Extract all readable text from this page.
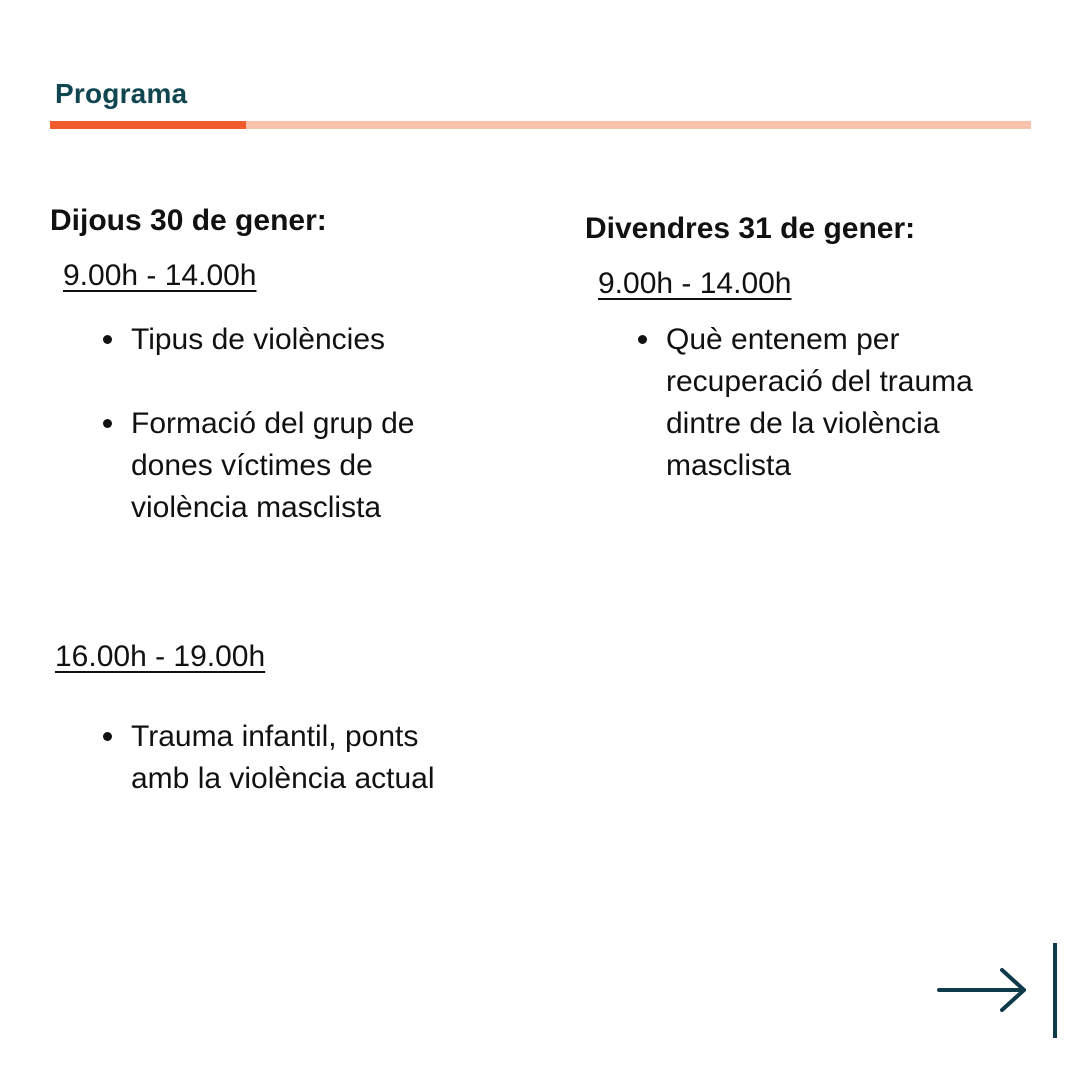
Programa
Dijous 30 de gener:
9.00h - 14.00h
Tipus de violències
Formació del grup de dones víctimes de violència masclista
16.00h - 19.00h
Trauma infantil, ponts amb la violència actual
Divendres 31 de gener:
9.00h - 14.00h
Què entenem per recuperació del trauma dintre de la violència masclista
